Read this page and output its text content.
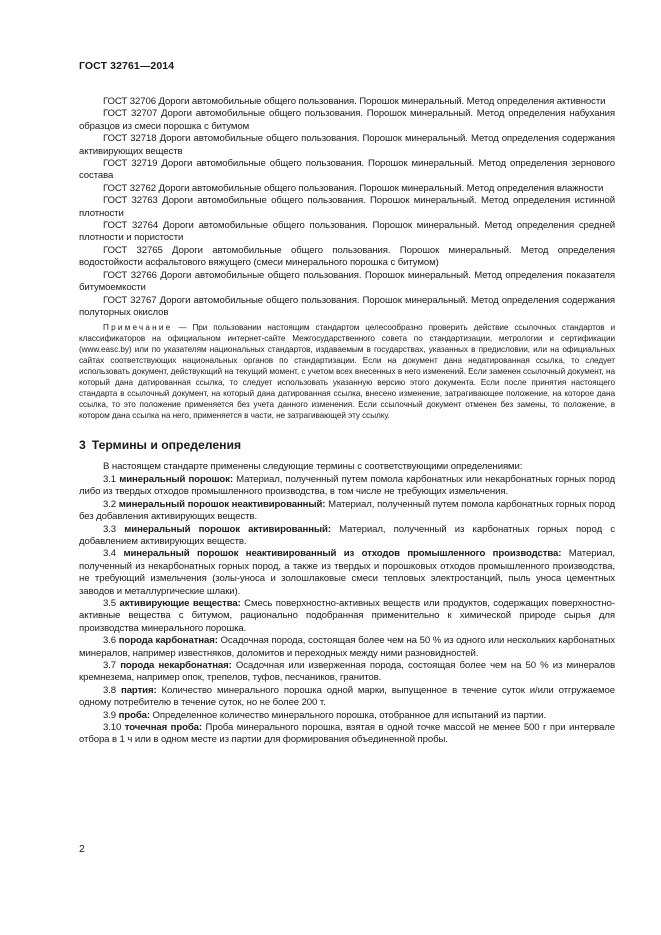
ГОСТ 32761—2014

ГОСТ 32706 Дороги автомобильные общего пользования. Порошок минеральный. Метод определения активности

ГОСТ 32707 Дороги автомобильные общего пользования. Порошок минеральный. Метод определения набухания образцов из смеси порошка с битумом

ГОСТ 32718 Дороги автомобильные общего пользования. Порошок минеральный. Метод определения содержания активирующих веществ

ГОСТ 32719 Дороги автомобильные общего пользования. Порошок минеральный. Метод определения зернового состава

ГОСТ 32762 Дороги автомобильные общего пользования. Порошок минеральный. Метод определения влажности

ГОСТ 32763 Дороги автомобильные общего пользования. Порошок минеральный. Метод определения истинной плотности

ГОСТ 32764 Дороги автомобильные общего пользования. Порошок минеральный. Метод определения средней плотности и пористости

ГОСТ 32765 Дороги автомобильные общего пользования. Порошок минеральный. Метод определения водостойкости асфальтового вяжущего (смеси минерального порошка с битумом)

ГОСТ 32766 Дороги автомобильные общего пользования. Порошок минеральный. Метод определения показателя битумоемкости

ГОСТ 32767 Дороги автомобильные общего пользования. Порошок минеральный. Метод определения содержания полуторных окислов

Примечание — При пользовании настоящим стандартом целесообразно проверить действие ссылочных стандартов и классификаторов на официальном интернет-сайте Межгосударственного совета по стандартизации, метрологии и сертификации (www.easc.by) или по указателям национальных стандартов, издаваемым в государствах, указанных в предисловии, или на официальных сайтах соответствующих национальных органов по стандартизации. Если на документ дана недатированная ссылка, то следует использовать документ, действующий на текущий момент, с учетом всех внесенных в него изменений. Если заменен ссылочный документ, на который дана датированная ссылка, то следует использовать указанную версию этого документа. Если после принятия настоящего стандарта в ссылочный документ, на который дана датированная ссылка, внесено изменение, затрагивающее положение, на которое дана ссылка, то это положение применяется без учета данного изменения. Если ссылочный документ отменен без замены, то положение, в котором дана ссылка на него, применяется в части, не затрагивающей эту ссылку.

3 Термины и определения

В настоящем стандарте применены следующие термины с соответствующими определениями:

3.1 минеральный порошок: Материал, полученный путем помола карбонатных или некарбонатных горных пород либо из твердых отходов промышленного производства, в том числе не требующих измельчения.

3.2 минеральный порошок неактивированный: Материал, полученный путем помола карбонатных горных пород без добавления активирующих веществ.

3.3 минеральный порошок активированный: Материал, полученный из карбонатных горных пород с добавлением активирующих веществ.

3.4 минеральный порошок неактивированный из отходов промышленного производства: Материал, полученный из некарбонатных горных пород, а также из твердых и порошковых отходов промышленного производства, не требующий измельчения (золы-уноса и золошлаковые смеси тепловых электростанций, пыль уноса цементных заводов и металлургические шлаки).

3.5 активирующие вещества: Смесь поверхностно-активных веществ или продуктов, содержащих поверхностно-активные вещества с битумом, рационально подобранная применительно к химической природе сырья для производства минерального порошка.

3.6 порода карбонатная: Осадочная порода, состоящая более чем на 50 % из одного или нескольких карбонатных минералов, например известняков, доломитов и переходных между ними разновидностей.

3.7 порода некарбонатная: Осадочная или изверженная порода, состоящая более чем на 50 % из минералов кремнезема, например опок, трепелов, туфов, песчаников, гранитов.

3.8 партия: Количество минерального порошка одной марки, выпущенное в течение суток и/или отгружаемое одному потребителю в течение суток, но не более 200 т.

3.9 проба: Определенное количество минерального порошка, отобранное для испытаний из партии.

3.10 точечная проба: Проба минерального порошка, взятая в одной точке массой не менее 500 г при интервале отбора в 1 ч или в одном месте из партии для формирования объединенной пробы.

2
